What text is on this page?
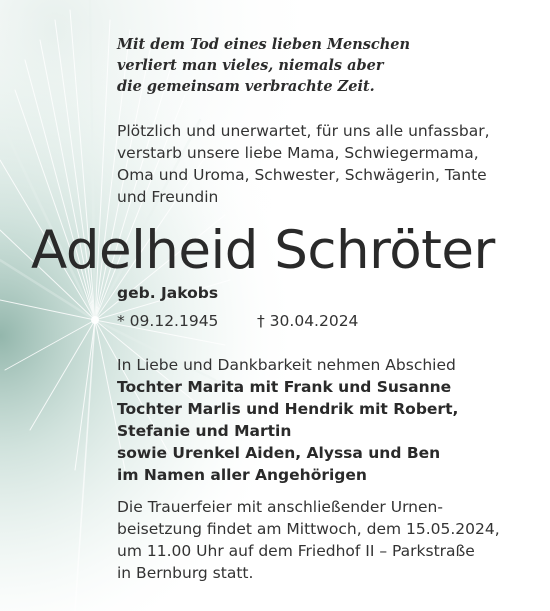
Mit dem Tod eines lieben Menschen
verliert man vieles, niemals aber
die gemeinsam verbrachte Zeit.
Plötzlich und unerwartet, für uns alle unfassbar,
verstarb unsere liebe Mama, Schwiegermama,
Oma und Uroma, Schwester, Schwägerin, Tante
und Freundin
Adelheid Schröter
geb. Jakobs
* 09.12.1945 † 30.04.2024
In Liebe und Dankbarkeit nehmen Abschied
Tochter Marita mit Frank und Susanne
Tochter Marlis und Hendrik mit Robert,
Stefanie und Martin
sowie Urenkel Aiden, Alyssa und Ben
im Namen aller Angehörigen
Die Trauerfeier mit anschließender Urnen-
beisetzung findet am Mittwoch, dem 15.05.2024,
um 11.00 Uhr auf dem Friedhof II – Parkstraße
in Bernburg statt.
